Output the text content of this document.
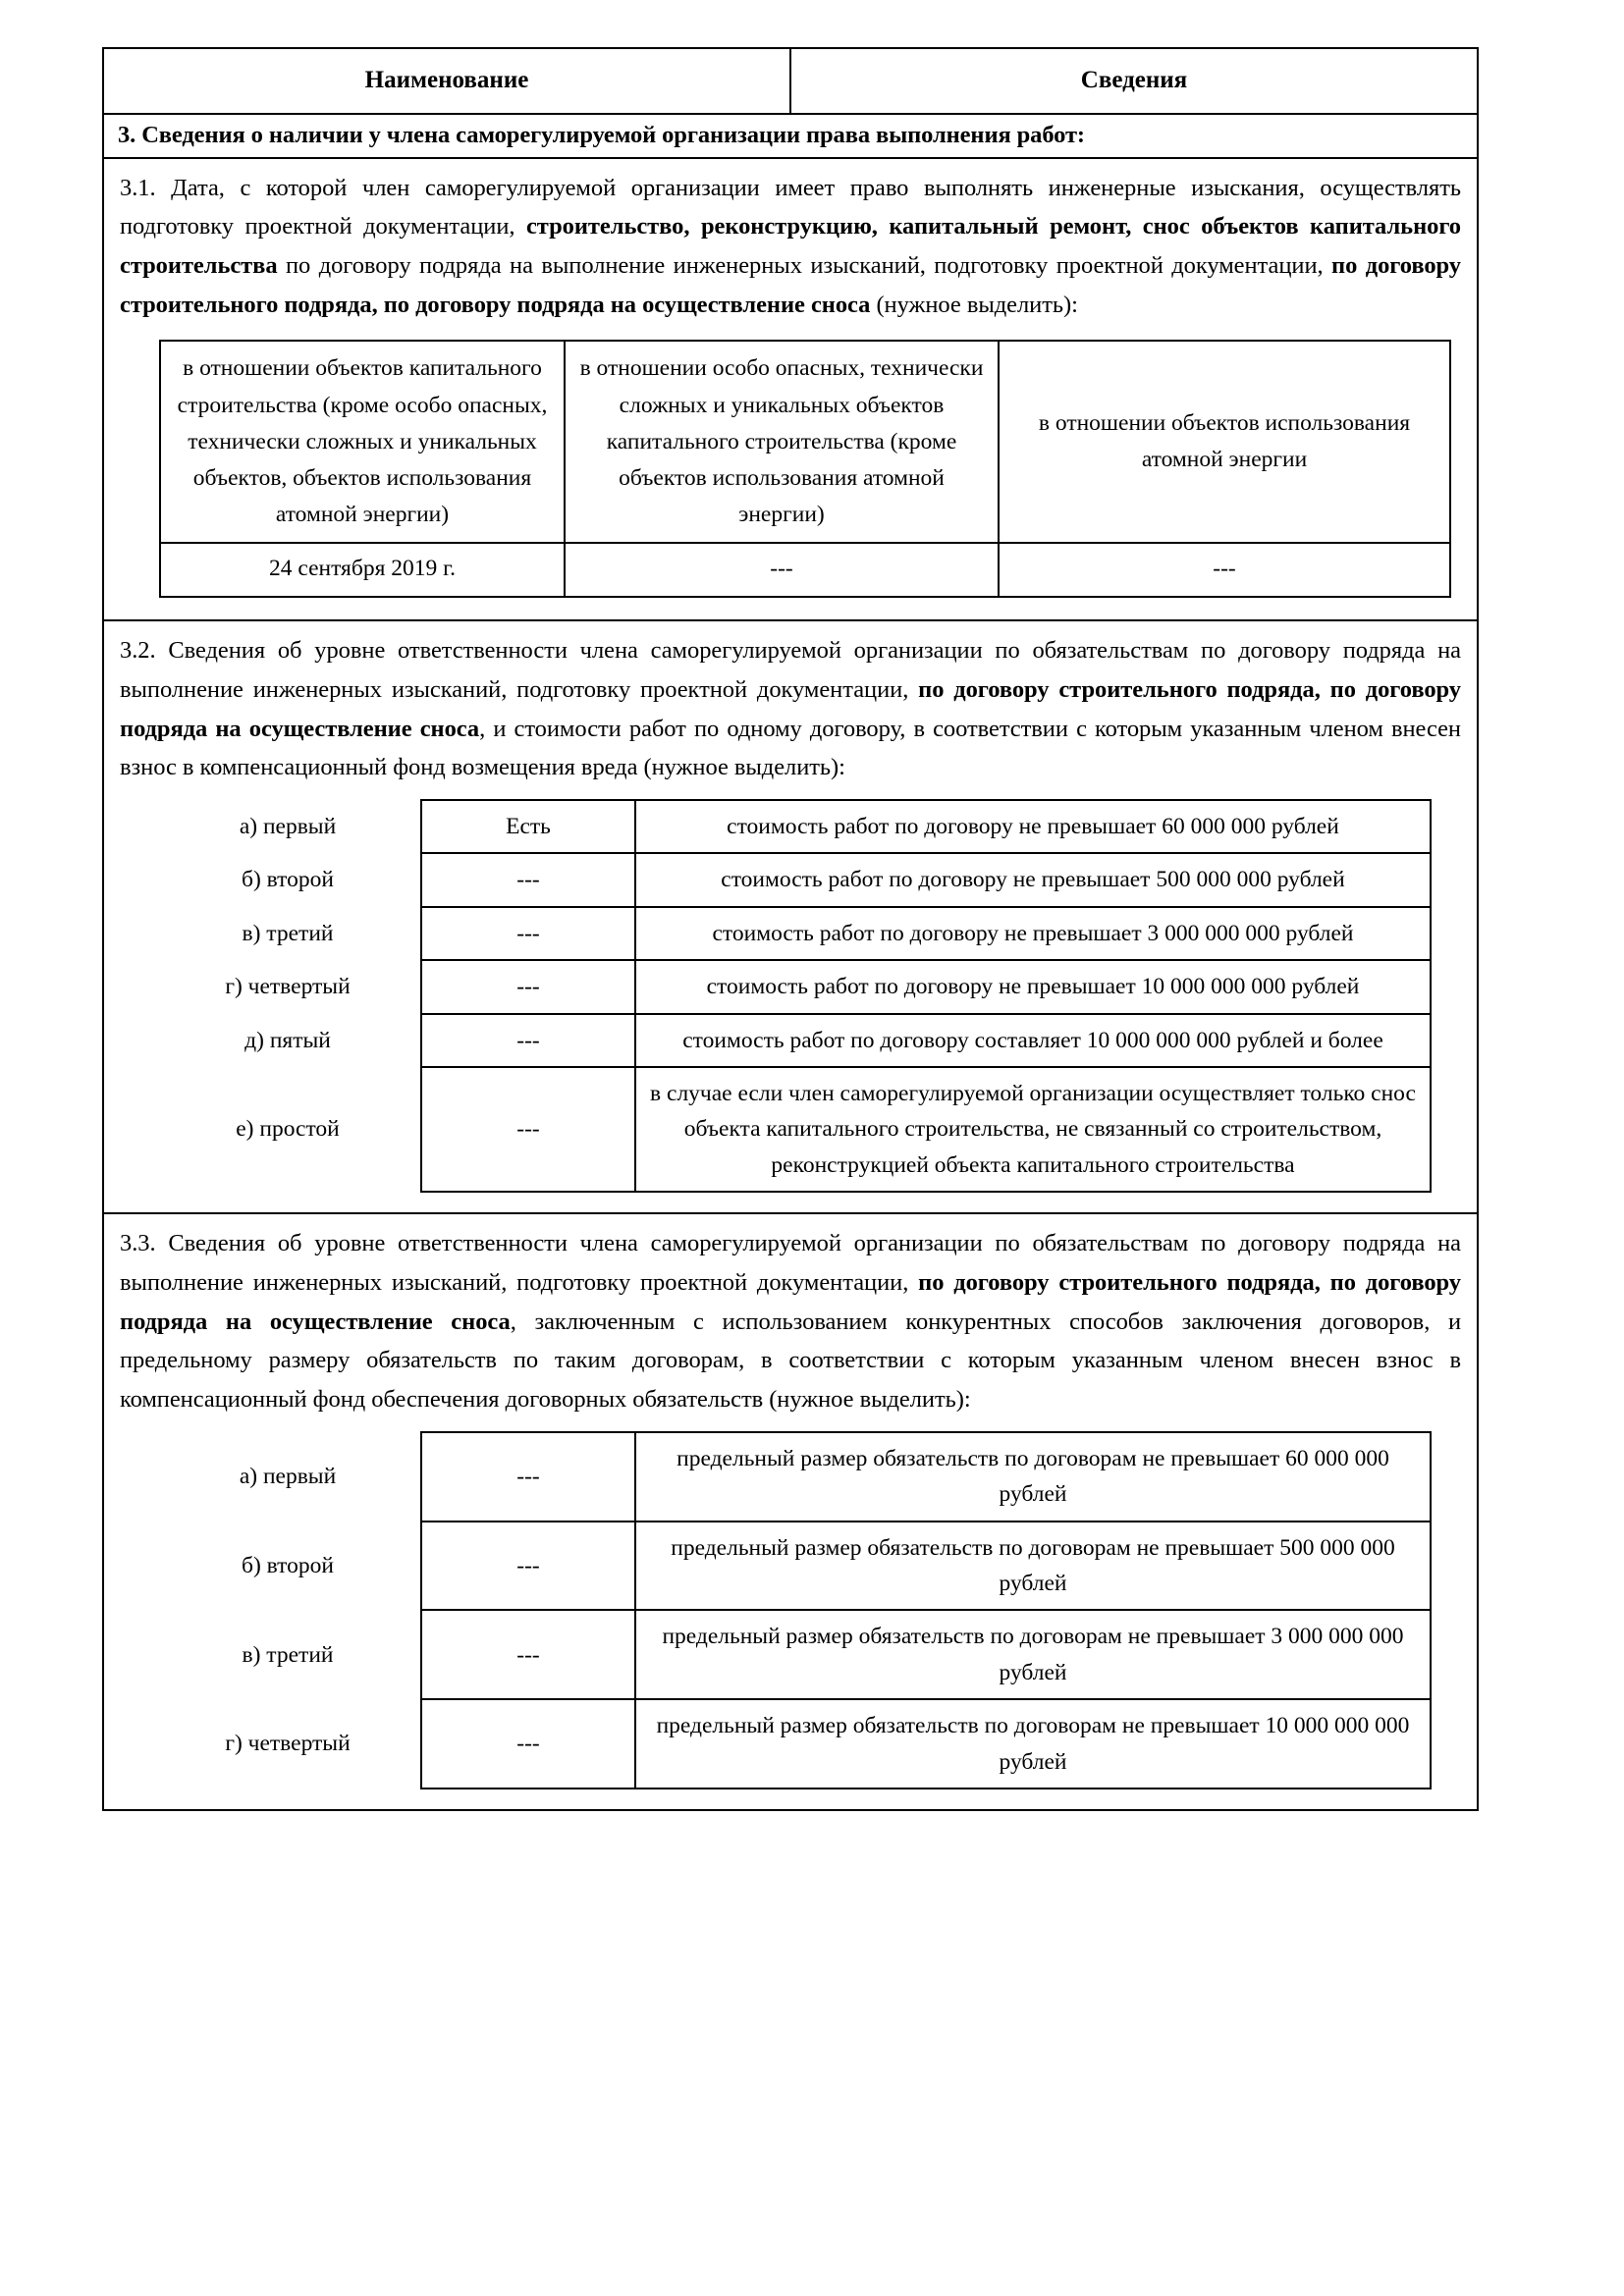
Наименование	Сведения

3. Сведения о наличии у члена саморегулируемой организации права выполнения работ:

3.1. Дата, с которой член саморегулируемой организации имеет право выполнять инженерные изыскания, осуществлять подготовку проектной документации, строительство, реконструкцию, капитальный ремонт, снос объектов капитального строительства по договору подряда на выполнение инженерных изысканий, подготовку проектной документации, по договору строительного подряда, по договору подряда на осуществление сноса (нужное выделить):

в отношении объектов капитального строительства (кроме особо опасных, технически сложных и уникальных объектов, объектов использования атомной энергии)	в отношении особо опасных, технически сложных и уникальных объектов капитального строительства (кроме объектов использования атомной энергии)	в отношении объектов использования атомной энергии
24 сентября 2019 г.	---	---

3.2. Сведения об уровне ответственности члена саморегулируемой организации по обязательствам по договору подряда на выполнение инженерных изысканий, подготовку проектной документации, по договору строительного подряда, по договору подряда на осуществление сноса, и стоимости работ по одному договору, в соответствии с которым указанным членом внесен взнос в компенсационный фонд возмещения вреда (нужное выделить):

а) первый	Есть	стоимость работ по договору не превышает 60 000 000 рублей
б) второй	---	стоимость работ по договору не превышает 500 000 000 рублей
в) третий	---	стоимость работ по договору не превышает 3 000 000 000 рублей
г) четвертый	---	стоимость работ по договору не превышает 10 000 000 000 рублей
д) пятый	---	стоимость работ по договору составляет 10 000 000 000 рублей и более
е) простой	---	в случае если член саморегулируемой организации осуществляет только снос объекта капитального строительства, не связанный со строительством, реконструкцией объекта капитального строительства

3.3. Сведения об уровне ответственности члена саморегулируемой организации по обязательствам по договору подряда на выполнение инженерных изысканий, подготовку проектной документации, по договору строительного подряда, по договору подряда на осуществление сноса, заключенным с использованием конкурентных способов заключения договоров, и предельному размеру обязательств по таким договорам, в соответствии с которым указанным членом внесен взнос в компенсационный фонд обеспечения договорных обязательств (нужное выделить):

а) первый	---	предельный размер обязательств по договорам не превышает 60 000 000 рублей
б) второй	---	предельный размер обязательств по договорам не превышает 500 000 000 рублей
в) третий	---	предельный размер обязательств по договорам не превышает 3 000 000 000 рублей
г) четвертый	---	предельный размер обязательств по договорам не превышает 10 000 000 000 рублей
